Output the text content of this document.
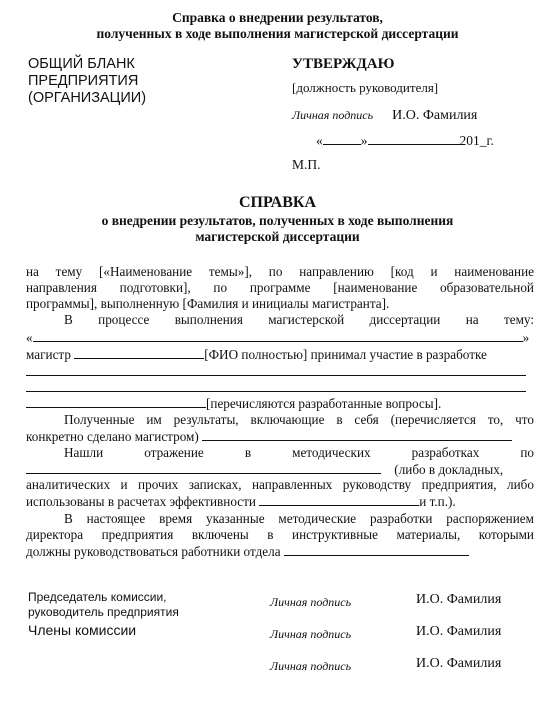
Справка о внедрении результатов,
полученных в ходе выполнения магистерской диссертации
ОБЩИЙ БЛАНК
ПРЕДПРИЯТИЯ
(ОРГАНИЗАЦИИ)
УТВЕРЖДАЮ
[должность руководителя]
Личная подпись И.О. Фамилия
«	»	201_г.
М.П.
СПРАВКА
о внедрении результатов, полученных в ходе выполнения
магистерской диссертации
на тему [«Наименование темы»], по направлению [код и наименование
направления подготовки], по программе [наименование образовательной
программы], выполненную [Фамилия и инициалы магистранта].
В процессе выполнения магистерской диссертации на тему:
«	»
магистр	[ФИО полностью] принимал участие в разработке
[перечисляются разработанные вопросы].
Полученные им результаты, включающие в себя (перечисляется то, что
конкретно сделано магистром)
Нашли отражение в методических разработках по
(либо в докладных,
аналитических и прочих записках, направленных руководству предприятия, либо
использованы в расчетах эффективности	и т.п.).
В настоящее время указанные методические разработки распоряжением
директора предприятия включены в инструктивные материалы, которыми
должны руководствоваться работники отдела
Председатель комиссии,
руководитель предприятия
Личная подпись	И.О. Фамилия
Члены комиссии	Личная подпись	И.О. Фамилия
Личная подпись	И.О. Фамилия
